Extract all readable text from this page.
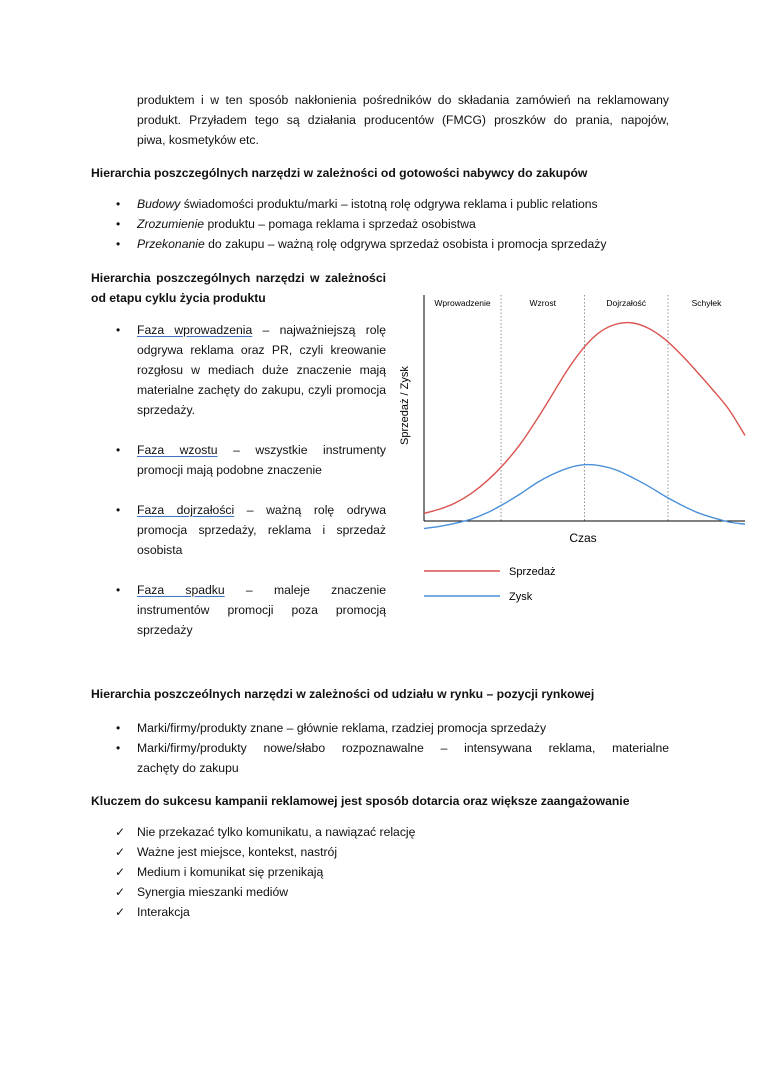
produktem i w ten sposób nakłonienia pośredników do składania zamówień na reklamowany
produkt. Przyładem tego są działania producentów (FMCG) proszków do prania, napojów,
piwa, kosmetyków etc.
Hierarchia poszczególnych narzędzi w zależności od gotowości nabywcy do zakupów
• Budowy świadomości produktu/marki – istotną rolę odgrywa reklama i public relations
• Zrozumienie produktu – pomaga reklama i sprzedaż osobistwa
• Przekonanie do zakupu – ważną rolę odgrywa sprzedaż osobista i promocja sprzedaży
Hierarchia poszczególnych narzędzi w zależności
od etapu cyklu życia produktu
• Faza wprowadzenia – najważniejszą rolę
odgrywa reklama oraz PR, czyli kreowanie rozgłosu w mediach duże znaczenie mają materialne zachęty do zakupu, czyli promocja sprzedaży.
• Faza wzostu – wszystkie instrumenty
promocji mają podobne znaczenie
• Faza dojrzałości – ważną rolę odrywa
promocja sprzedaży, reklama i sprzedaż osobista
• Faza spadku – maleje znaczenie
instrumentów promocji poza promocją sprzedaży
Wprowadzenie	Wzrost	Dojrzałość	Schyłek
Sprzedaż / Zysk
Czas
Sprzedaż
Zysk
Hierarchia poszczeólnych narzędzi w zależności od udziału w rynku – pozycji rynkowej
• Marki/firmy/produkty znane – głównie reklama, rzadziej promocja sprzedaży
• Marki/firmy/produkty nowe/słabo rozpoznawalne – intensywana reklama, materialne
zachęty do zakupu
Kluczem do sukcesu kampanii reklamowej jest sposób dotarcia oraz większe zaangażowanie
✓ Nie przekazać tylko komunikatu, a nawiązać relację
✓ Ważne jest miejsce, kontekst, nastrój
✓ Medium i komunikat się przenikają
✓ Synergia mieszanki mediów
✓ Interakcja
